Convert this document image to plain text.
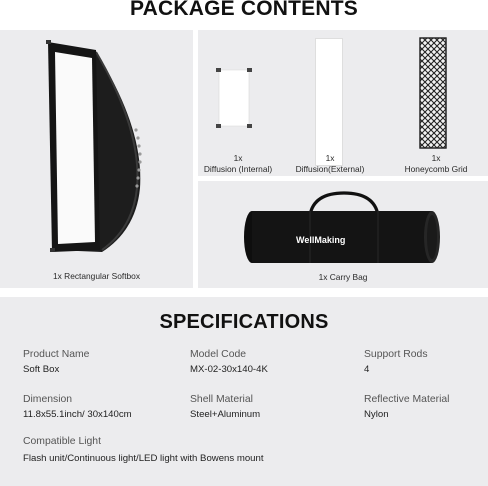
PACKAGE CONTENTS
1x Rectangular Softbox
1x
Diffusion (Internal)
1x
Diffusion(External)
1x
Honeycomb Grid
WellMaking
1x Carry Bag
SPECIFICATIONS
Product Name
Soft Box
Model Code
MX-02-30x140-4K
Support Rods
4
Dimension
11.8x55.1inch/ 30x140cm
Shell Material
Steel+Aluminum
Reflective Material
Nylon
Compatible Light
Flash unit/Continuous light/LED light with Bowens mount
